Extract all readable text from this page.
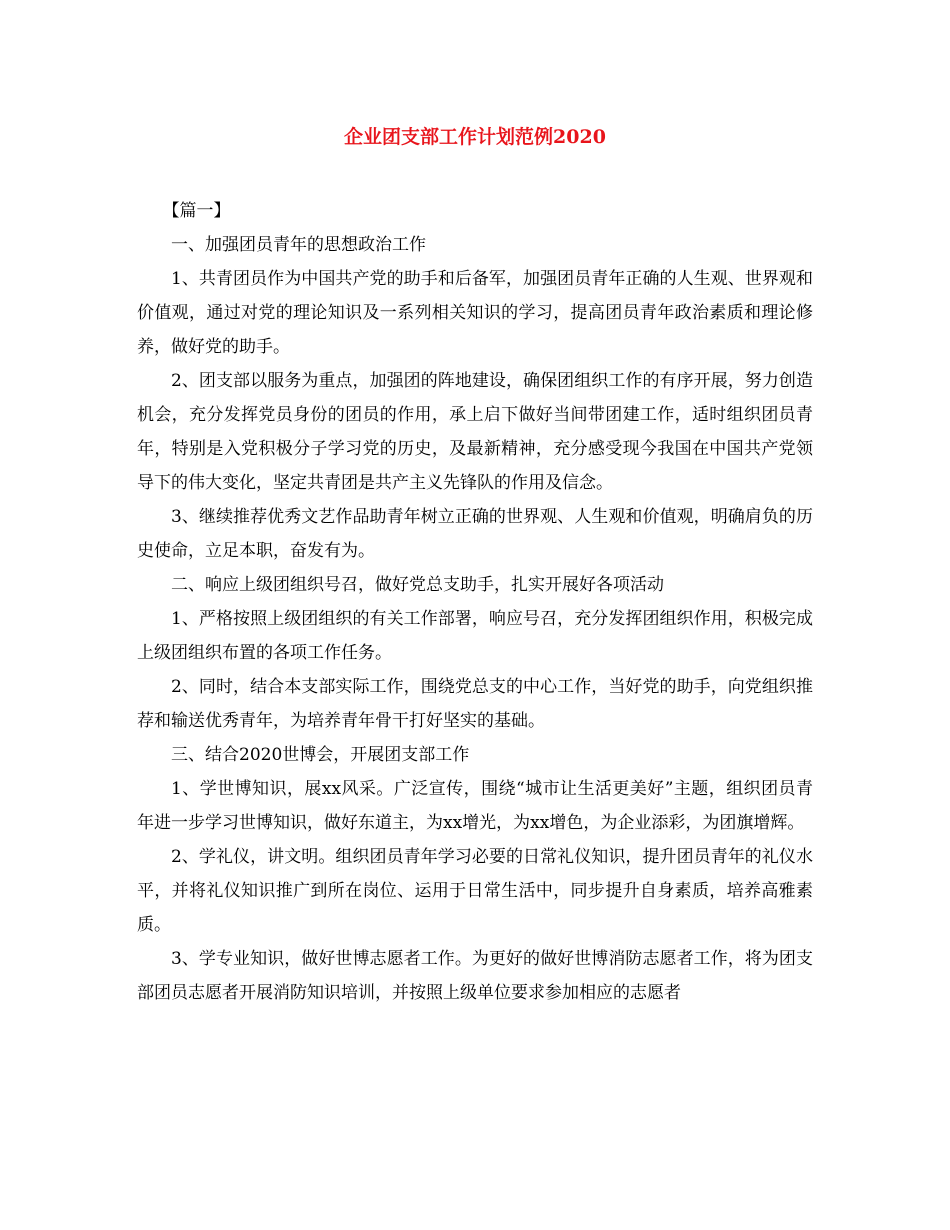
企业团支部工作计划范例2020

【篇一】

一、加强团员青年的思想政治工作

1、共青团员作为中国共产党的助手和后备军，加强团员青年正确的人生观、世界观和价值观，通过对党的理论知识及一系列相关知识的学习，提高团员青年政治素质和理论修养，做好党的助手。

2、团支部以服务为重点，加强团的阵地建设，确保团组织工作的有序开展，努力创造机会，充分发挥党员身份的团员的作用，承上启下做好当间带团建工作，适时组织团员青年，特别是入党积极分子学习党的历史，及最新精神，充分感受现今我国在中国共产党领导下的伟大变化，坚定共青团是共产主义先锋队的作用及信念。

3、继续推荐优秀文艺作品助青年树立正确的世界观、人生观和价值观，明确肩负的历史使命，立足本职，奋发有为。

二、响应上级团组织号召，做好党总支助手，扎实开展好各项活动

1、严格按照上级团组织的有关工作部署，响应号召，充分发挥团组织作用，积极完成上级团组织布置的各项工作任务。

2、同时，结合本支部实际工作，围绕党总支的中心工作，当好党的助手，向党组织推荐和输送优秀青年，为培养青年骨干打好坚实的基础。

三、结合2020世博会，开展团支部工作

1、学世博知识，展xx风采。广泛宣传，围绕“城市让生活更美好”主题，组织团员青年进一步学习世博知识，做好东道主，为xx增光，为xx增色，为企业添彩，为团旗增辉。

2、学礼仪，讲文明。组织团员青年学习必要的日常礼仪知识，提升团员青年的礼仪水平，并将礼仪知识推广到所在岗位、运用于日常生活中，同步提升自身素质，培养高雅素质。

3、学专业知识，做好世博志愿者工作。为更好的做好世博消防志愿者工作，将为团支部团员志愿者开展消防知识培训，并按照上级单位要求参加相应的志愿者
